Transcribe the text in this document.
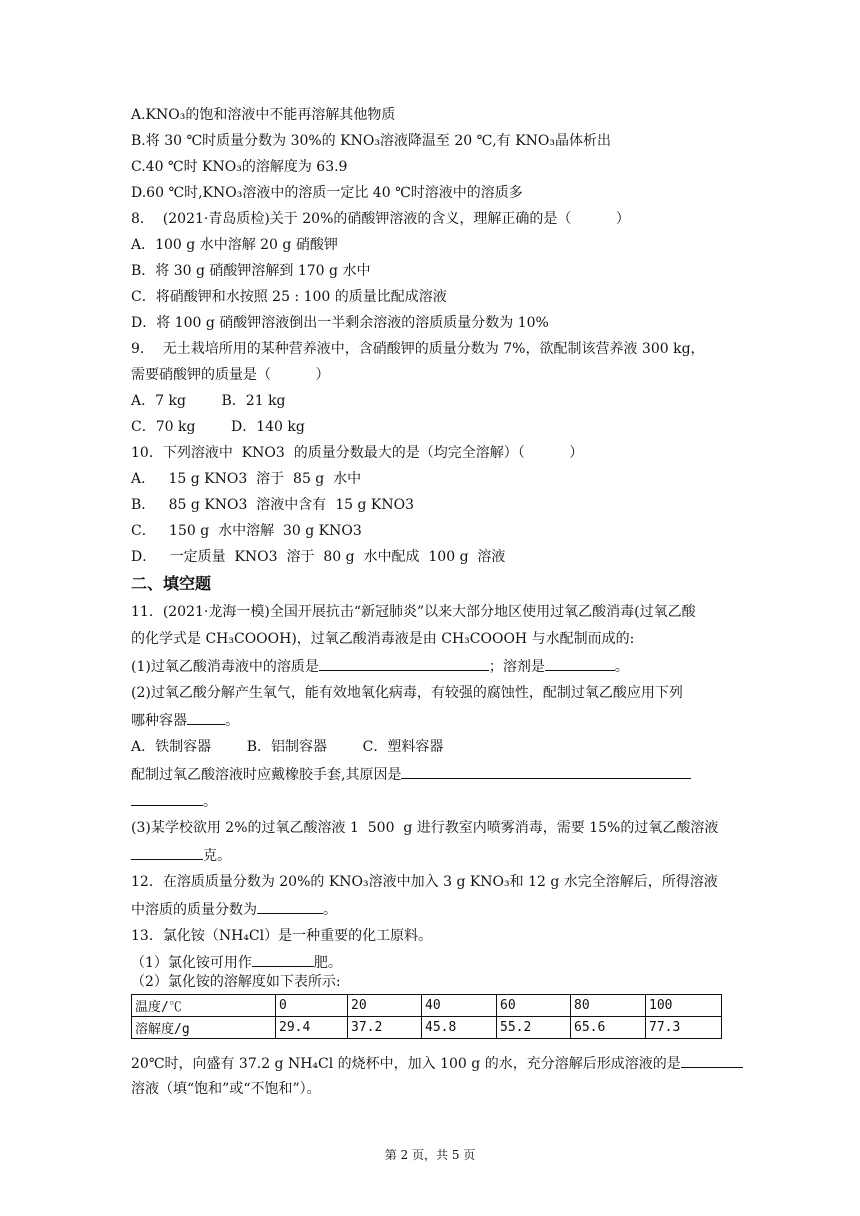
A.KNO₃的饱和溶液中不能再溶解其他物质
B.将 30 ℃时质量分数为 30%的 KNO₃溶液降温至 20 ℃,有 KNO₃晶体析出
C.40 ℃时 KNO₃的溶解度为 63.9
D.60 ℃时,KNO₃溶液中的溶质一定比 40 ℃时溶液中的溶质多
8．  (2021·青岛质检)关于 20%的硝酸钾溶液的含义，理解正确的是（          ）
A．100 g 水中溶解 20 g 硝酸钾
B．将 30 g 硝酸钾溶解到 170 g 水中
C．将硝酸钾和水按照 25 : 100 的质量比配成溶液
D．将 100 g 硝酸钾溶液倒出一半剩余溶液的溶质质量分数为 10%
9．  无土栽培所用的某种营养液中，含硝酸钾的质量分数为 7%，欲配制该营养液 300 kg，
需要硝酸钾的质量是（          ）
A．7 kg        B．21 kg
C．70 kg        D．140 kg
10．下列溶液中  KNO3  的质量分数最大的是（均完全溶解）（          ）
A．   15 g KNO3  溶于  85 g  水中
B．   85 g KNO3  溶液中含有  15 g KNO3
C．   150 g  水中溶解  30 g KNO3
D．   一定质量  KNO3  溶于  80 g  水中配成  100 g  溶液
二、填空题
11．(2021·龙海一模)全国开展抗击“新冠肺炎”以来大部分地区使用过氧乙酸消毒(过氧乙酸
的化学式是 CH₃COOOH)，过氧乙酸消毒液是由 CH₃COOOH 与水配制而成的:
(1)过氧乙酸消毒液中的溶质是	；溶剂是	。
(2)过氧乙酸分解产生氧气，能有效地氧化病毒，有较强的腐蚀性，配制过氧乙酸应用下列
哪种容器	。
A．铁制容器        B．铝制容器        C．塑料容器
配制过氧乙酸溶液时应戴橡胶手套,其原因是
。
(3)某学校欲用 2%的过氧乙酸溶液 1  500  g 进行教室内喷雾消毒，需要 15%的过氧乙酸溶液
克。
12．在溶质质量分数为 20%的 KNO₃溶液中加入 3 g KNO₃和 12 g 水完全溶解后，所得溶液
中溶质的质量分数为	。
13．氯化铵（NH₄Cl）是一种重要的化工原料。
（1）氯化铵可用作	肥。
（2）氯化铵的溶解度如下表所示:
温度/℃	0	20	40	60	80	100
溶解度/g	29.4	37.2	45.8	55.2	65.6	77.3
20℃时，向盛有 37.2 g NH₄Cl 的烧杯中，加入 100 g 的水，充分溶解后形成溶液的是
溶液（填“饱和”或“不饱和”）。
第 2 页，共 5 页
